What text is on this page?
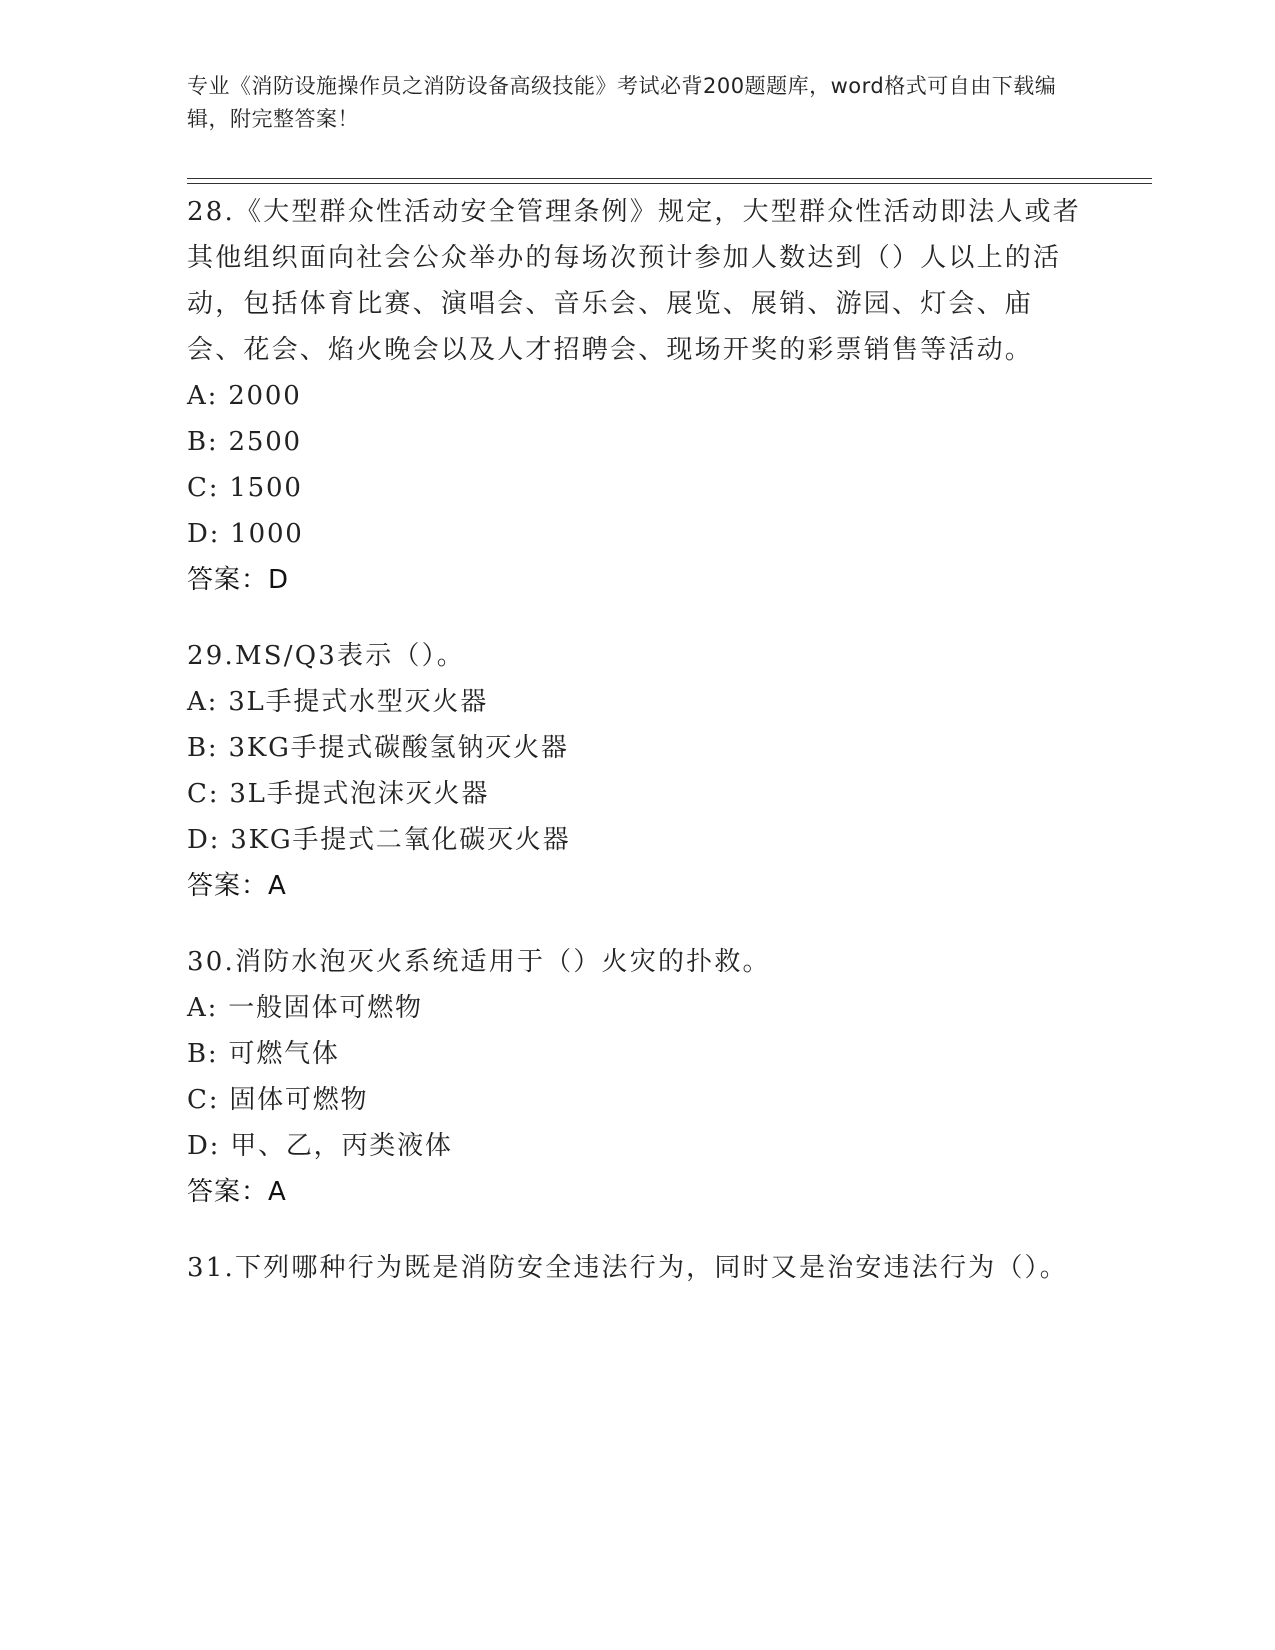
专业《消防设施操作员之消防设备高级技能》考试必背200题题库，word格式可自由下载编辑，附完整答案！

28.《大型群众性活动安全管理条例》规定，大型群众性活动即法人或者其他组织面向社会公众举办的每场次预计参加人数达到（）人以上的活动，包括体育比赛、演唱会、音乐会、展览、展销、游园、灯会、庙会、花会、焰火晚会以及人才招聘会、现场开奖的彩票销售等活动。

A: 2000

B: 2500

C: 1500

D: 1000

答案：D

29.MS/Q3表示（）。

A: 3L手提式水型灭火器

B: 3KG手提式碳酸氢钠灭火器

C: 3L手提式泡沫灭火器

D: 3KG手提式二氧化碳灭火器

答案：A

30.消防水泡灭火系统适用于（）火灾的扑救。

A: 一般固体可燃物

B: 可燃气体

C: 固体可燃物

D: 甲、乙，丙类液体

答案：A

31.下列哪种行为既是消防安全违法行为，同时又是治安违法行为（）。
